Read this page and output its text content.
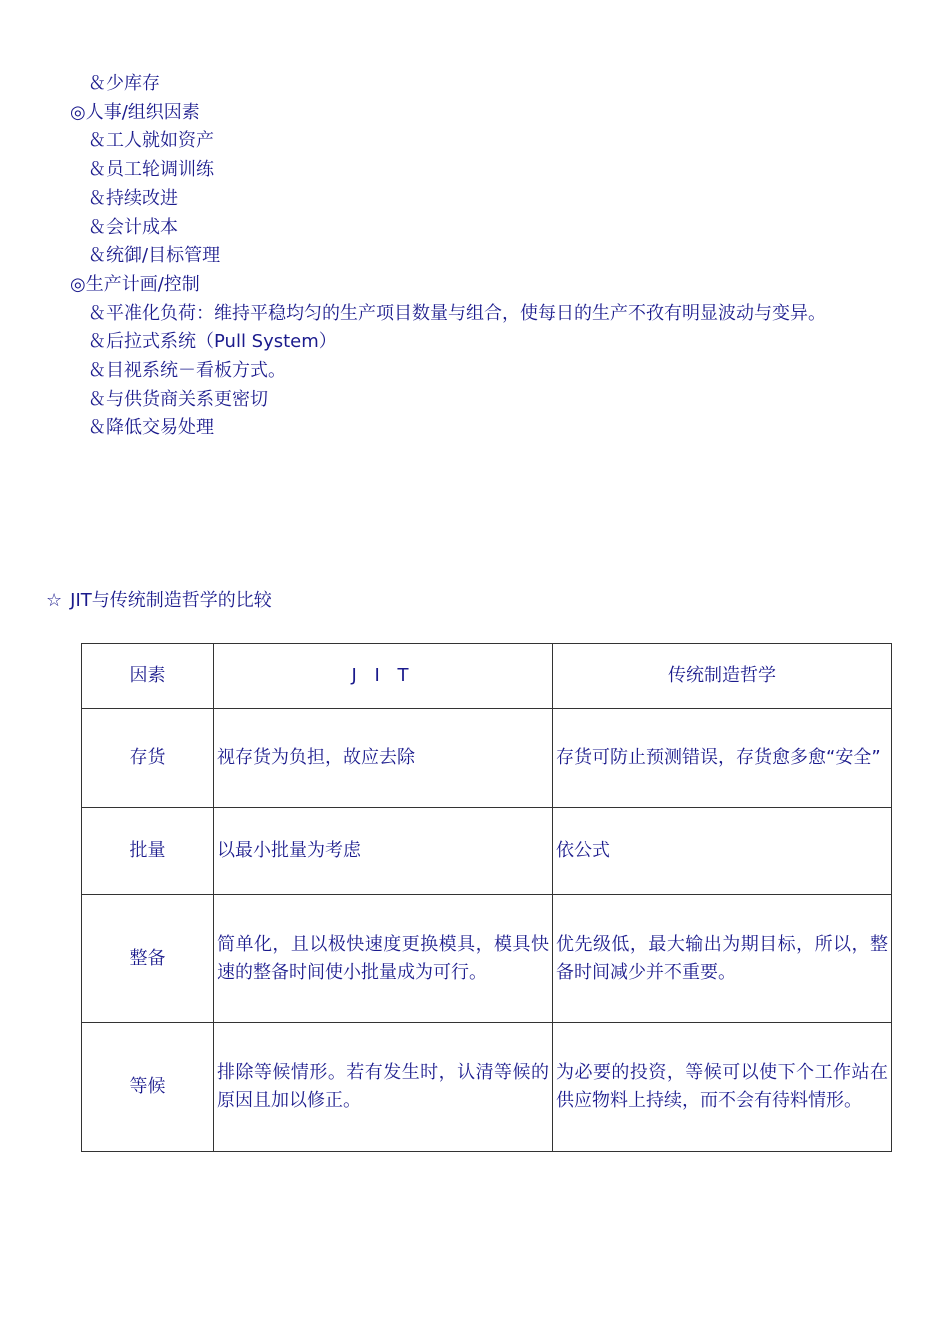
＆少库存
◎人事/组织因素
＆工人就如资产
＆员工轮调训练
＆持续改进
＆会计成本
＆统御/目标管理
◎生产计画/控制
＆平准化负荷：维持平稳均匀的生产项目数量与组合，使每日的生产不孜有明显波动与变异。
＆后拉式系统（Pull System）
＆目视系统－看板方式。
＆与供货商关系更密切
＆降低交易处理
☆ JIT与传统制造哲学的比较
因素	J I T	传统制造哲学
存货	视存货为负担，故应去除	存货可防止预测错误，存货愈多愈“安全”
批量	以最小批量为考虑	依公式
整备	简单化，且以极快速度更换模具，模具快速的整备时间使小批量成为可行。	优先级低，最大输出为期目标，所以，整备时间减少并不重要。
等候	排除等候情形。若有发生时，认清等候的原因且加以修正。	为必要的投资，等候可以使下个工作站在供应物料上持续，而不会有待料情形。
